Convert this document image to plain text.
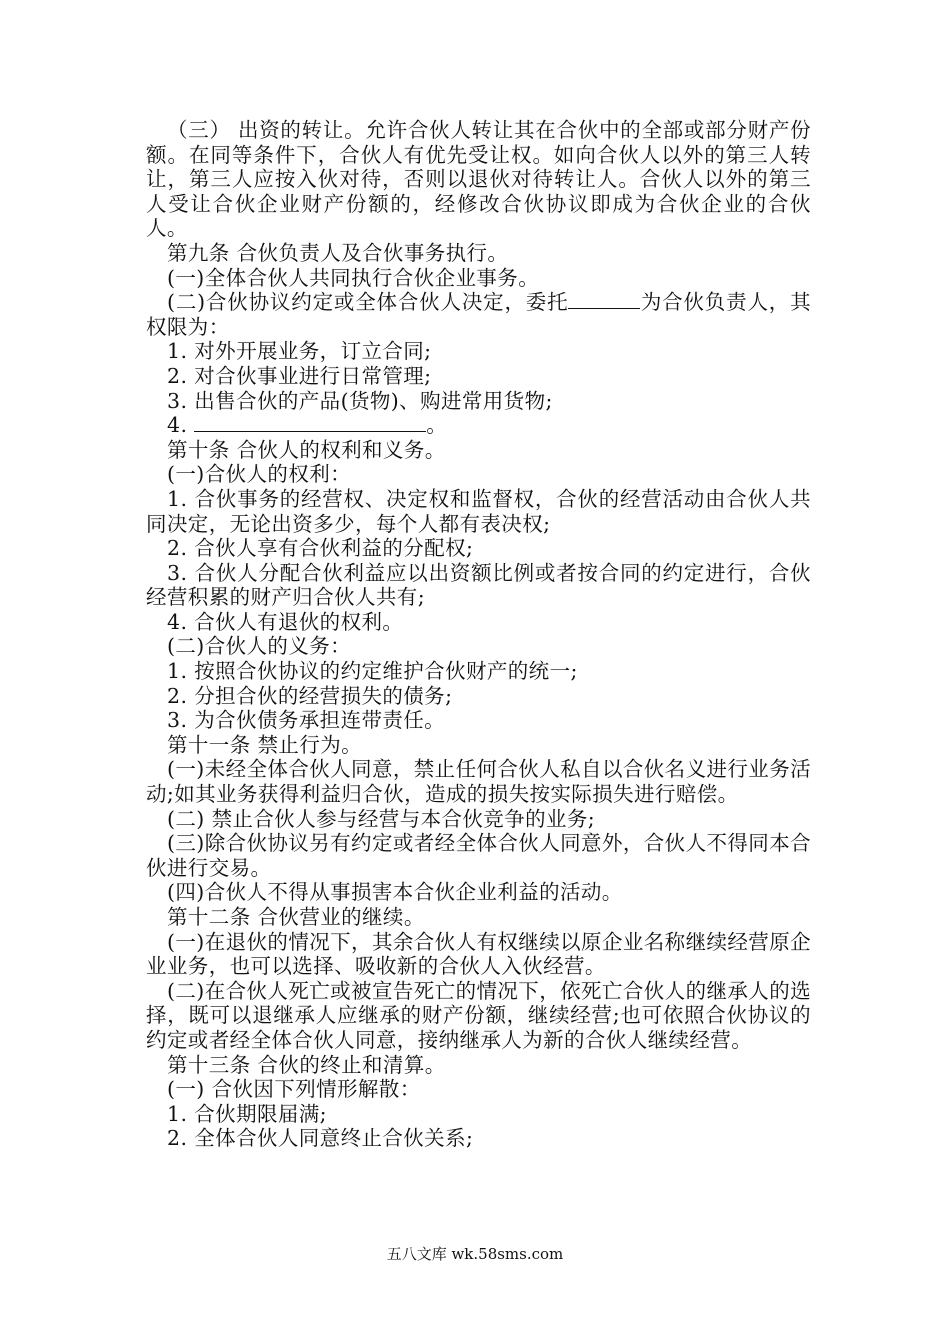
（三） 出资的转让。允许合伙人转让其在合伙中的全部或部分财产份额。在同等条件下，合伙人有优先受让权。如向合伙人以外的第三人转让，第三人应按入伙对待，否则以退伙对待转让人。合伙人以外的第三人受让合伙企业财产份额的，经修改合伙协议即成为合伙企业的合伙人。

第九条 合伙负责人及合伙事务执行。

(一)全体合伙人共同执行合伙企业事务。

(二)合伙协议约定或全体合伙人决定，委托	为合伙负责人，其权限为：

1. 对外开展业务，订立合同;

2. 对合伙事业进行日常管理;

3. 出售合伙的产品(货物)、购进常用货物;

4.	。

第十条 合伙人的权利和义务。

(一)合伙人的权利：

1. 合伙事务的经营权、决定权和监督权，合伙的经营活动由合伙人共同决定，无论出资多少，每个人都有表决权;

2. 合伙人享有合伙利益的分配权;

3. 合伙人分配合伙利益应以出资额比例或者按合同的约定进行，合伙经营积累的财产归合伙人共有;

4. 合伙人有退伙的权利。

(二)合伙人的义务：

1. 按照合伙协议的约定维护合伙财产的统一;

2. 分担合伙的经营损失的债务;

3. 为合伙债务承担连带责任。

第十一条 禁止行为。

(一)未经全体合伙人同意，禁止任何合伙人私自以合伙名义进行业务活动;如其业务获得利益归合伙，造成的损失按实际损失进行赔偿。

(二) 禁止合伙人参与经营与本合伙竞争的业务;

(三)除合伙协议另有约定或者经全体合伙人同意外，合伙人不得同本合伙进行交易。

(四)合伙人不得从事损害本合伙企业利益的活动。

第十二条 合伙营业的继续。

(一)在退伙的情况下，其余合伙人有权继续以原企业名称继续经营原企业业务，也可以选择、吸收新的合伙人入伙经营。

(二)在合伙人死亡或被宣告死亡的情况下，依死亡合伙人的继承人的选择，既可以退继承人应继承的财产份额，继续经营;也可依照合伙协议的约定或者经全体合伙人同意，接纳继承人为新的合伙人继续经营。

第十三条 合伙的终止和清算。

(一) 合伙因下列情形解散：

1. 合伙期限届满;

2. 全体合伙人同意终止合伙关系;

五八文库 wk.58sms.com
